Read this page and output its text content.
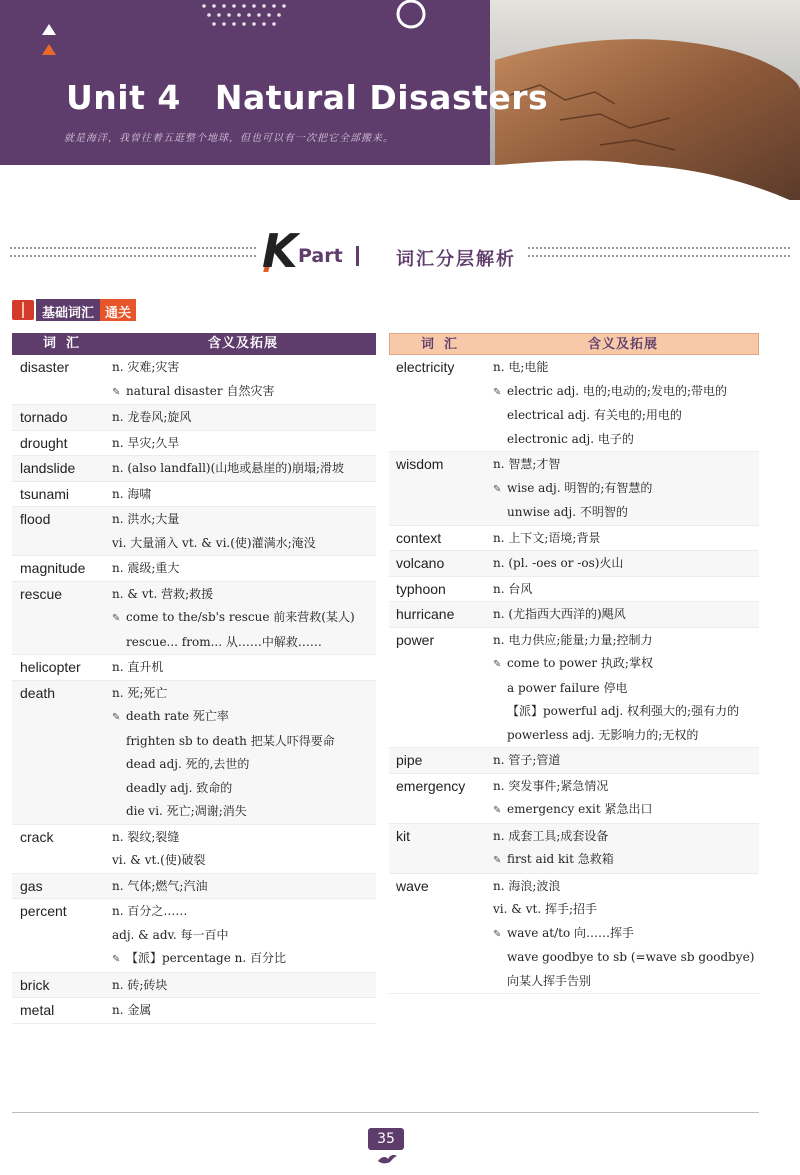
Unit 4 Natural Disasters
就是海洋，我曾往着五逛整个地球，但也可以有一次把它全部搬来。
K Part	词汇分层解析
基础词汇 通关
词汇	含义及拓展
disaster	n. 灾难;灾害
✎ natural disaster 自然灾害
tornado	n. 龙卷风;旋风
drought	n. 旱灾;久旱
landslide	n. (also landfall)(山地或悬崖的)崩塌;滑坡
tsunami	n. 海啸
flood	n. 洪水;大量
vi. 大量涌入 vt. & vi.(使)灌满水;淹没
magnitude	n. 震级;重大
rescue	n. & vt. 营救;救援
✎ come to the/sb's rescue 前来营救(某人)
rescue... from... 从……中解救……
helicopter	n. 直升机
death	n. 死;死亡
✎ death rate 死亡率
frighten sb to death 把某人吓得要命
dead adj. 死的,去世的
deadly adj. 致命的
die vi. 死亡;凋谢;消失
crack	n. 裂纹;裂缝
vi. & vt.(使)破裂
gas	n. 气体;燃气;汽油
percent	n. 百分之……
adj. & adv. 每一百中
✎ 【派】percentage n. 百分比
brick	n. 砖;砖块
metal	n. 金属
词汇	含义及拓展
electricity	n. 电;电能
✎ electric adj. 电的;电动的;发电的;带电的
electrical adj. 有关电的;用电的
electronic adj. 电子的
wisdom	n. 智慧;才智
✎ wise adj. 明智的;有智慧的
unwise adj. 不明智的
context	n. 上下文;语境;背景
volcano	n. (pl. -oes or -os)火山
typhoon	n. 台风
hurricane	n. (尤指西大西洋的)飓风
power	n. 电力供应;能量;力量;控制力
✎ come to power 执政;掌权
a power failure 停电
【派】powerful adj. 权利强大的;强有力的
powerless adj. 无影响力的;无权的
pipe	n. 管子;管道
emergency	n. 突发事件;紧急情况
✎ emergency exit 紧急出口
kit	n. 成套工具;成套设备
✎ first aid kit 急救箱
wave	n. 海浪;波浪
vi. & vt. 挥手;招手
✎ wave at/to 向……挥手
wave goodbye to sb (=wave sb goodbye)向某人挥手告别
35
